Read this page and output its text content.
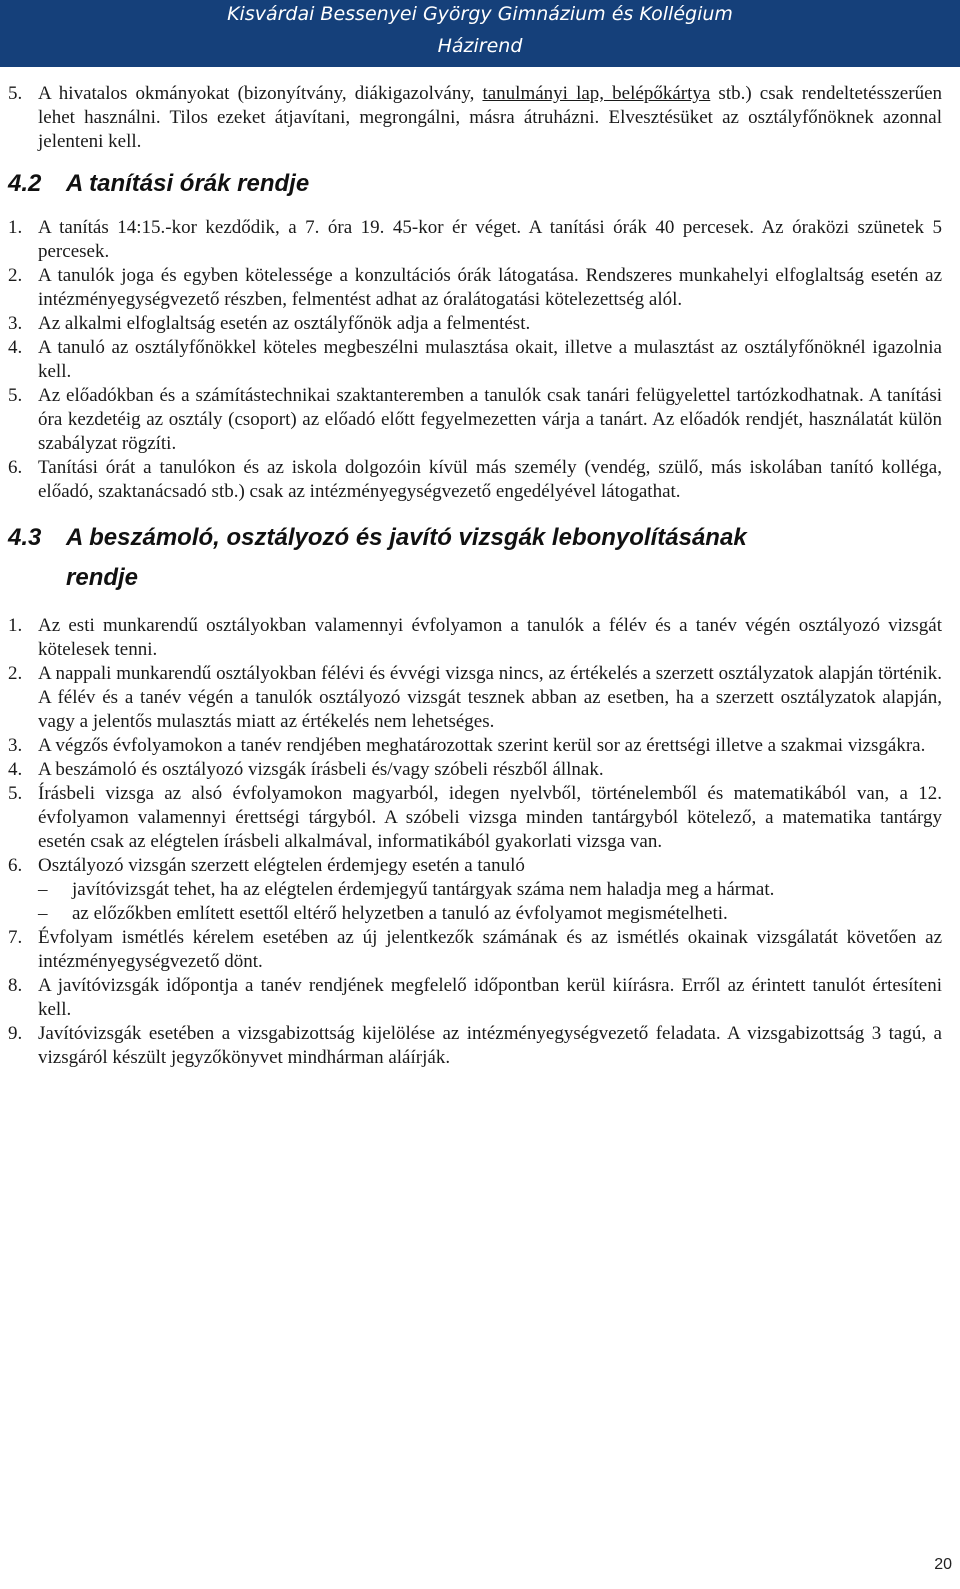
Kisvárdai Bessenyei György Gimnázium és Kollégium
Házirend
5. A hivatalos okmányokat (bizonyítvány, diákigazolvány, tanulmányi lap, belépőkártya stb.) csak rendeltetésszerűen lehet használni. Tilos ezeket átjavítani, megrongálni, másra átruházni. Elvesztésüket az osztályfőnöknek azonnal jelenteni kell.

4.2 A tanítási órák rendje
1. A tanítás 14:15.-kor kezdődik, a 7. óra 19. 45-kor ér véget. A tanítási órák 40 percesek. Az óraközi szünetek 5 percesek.

2. A tanulók joga és egyben kötelessége a konzultációs órák látogatása. Rendszeres munkahelyi elfoglaltság esetén az intézményegységvezető részben, felmentést adhat az óralátogatási kötelezettség alól.

3. Az alkalmi elfoglaltság esetén az osztályfőnök adja a felmentést.

4. A tanuló az osztályfőnökkel köteles megbeszélni mulasztása okait, illetve a mulasztást az osztályfőnöknél igazolnia kell.

5. Az előadókban és a számítástechnikai szaktanteremben a tanulók csak tanári felügyelettel tartózkodhatnak. A tanítási óra kezdetéig az osztály (csoport) az előadó előtt fegyelmezetten várja a tanárt. Az előadók rendjét, használatát külön szabályzat rögzíti.

6. Tanítási órát a tanulókon és az iskola dolgozóin kívül más személy (vendég, szülő, más iskolában tanító kolléga, előadó, szaktanácsadó stb.) csak az intézményegységvezető engedélyével látogathat.

4.3 A beszámoló, osztályozó és javító vizsgák lebonyolításának
rendje
1. Az esti munkarendű osztályokban valamennyi évfolyamon a tanulók a félév és a tanév végén osztályozó vizsgát kötelesek tenni.

2. A nappali munkarendű osztályokban félévi és évvégi vizsga nincs, az értékelés a szerzett osztályzatok alapján történik. A félév és a tanév végén a tanulók osztályozó vizsgát tesznek abban az esetben, ha a szerzett osztályzatok alapján, vagy a jelentős mulasztás miatt az értékelés nem lehetséges.

3. A végzős évfolyamokon a tanév rendjében meghatározottak szerint kerül sor az érettségi illetve a szakmai vizsgákra.

4. A beszámoló és osztályozó vizsgák írásbeli és/vagy szóbeli részből állnak.

5. Írásbeli vizsga az alsó évfolyamokon magyarból, idegen nyelvből, történelemből és matematikából van, a 12. évfolyamon valamennyi érettségi tárgyból. A szóbeli vizsga minden tantárgyból kötelező, a matematika tantárgy esetén csak az elégtelen írásbeli alkalmával, informatikából gyakorlati vizsga van.

6. Osztályozó vizsgán szerzett elégtelen érdemjegy esetén a tanuló

– javítóvizsgát tehet, ha az elégtelen érdemjegyű tantárgyak száma nem haladja meg a hármat.
– az előzőkben említett esettől eltérő helyzetben a tanuló az évfolyamot megismételheti.
7. Évfolyam ismétlés kérelem esetében az új jelentkezők számának és az ismétlés okainak vizsgálatát követően az intézményegységvezető dönt.

8. A javítóvizsgák időpontja a tanév rendjének megfelelő időpontban kerül kiírásra. Erről az érintett tanulót értesíteni kell.

9. Javítóvizsgák esetében a vizsgabizottság kijelölése az intézményegységvezető feladata. A vizsgabizottság 3 tagú, a vizsgáról készült jegyzőkönyvet mindhárman aláírják.

20
